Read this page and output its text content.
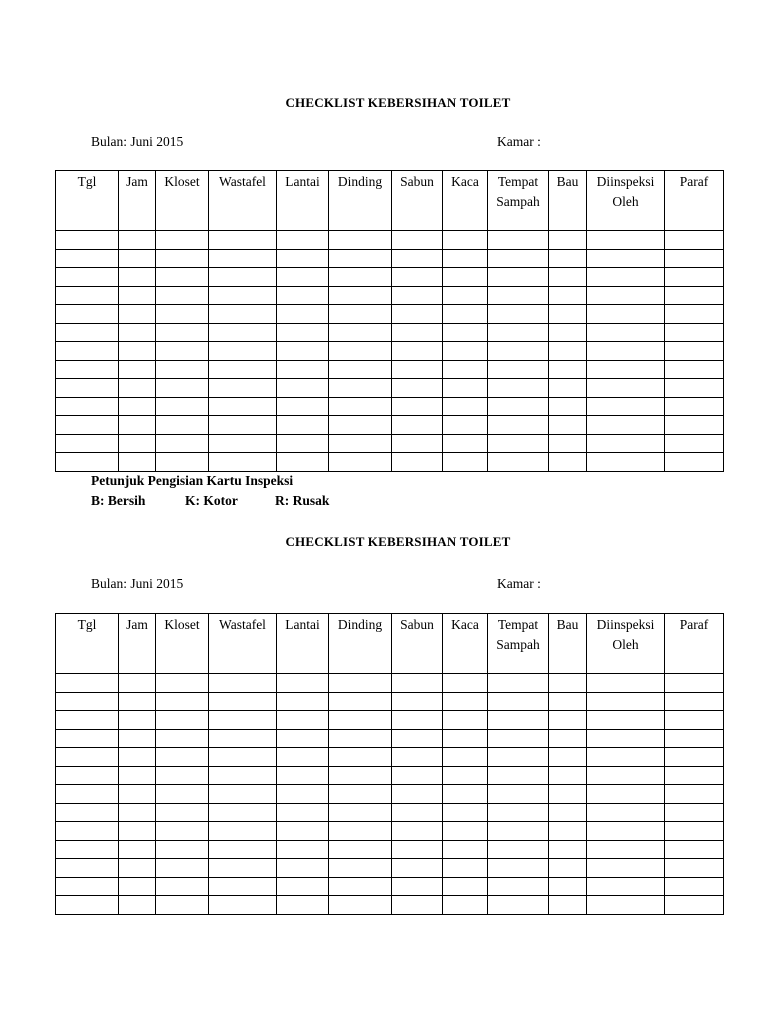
CHECKLIST KEBERSIHAN TOILET
Bulan: Juni 2015	Kamar :
Tgl	Jam	Kloset	Wastafel	Lantai	Dinding	Sabun	Kaca	Tempat Sampah	Bau	Diinspeksi Oleh	Paraf

Petunjuk Pengisian Kartu Inspeksi
B: Bersih	K: Kotor	R: Rusak
CHECKLIST KEBERSIHAN TOILET
Bulan: Juni 2015	Kamar :
Tgl	Jam	Kloset	Wastafel	Lantai	Dinding	Sabun	Kaca	Tempat Sampah	Bau	Diinspeksi Oleh	Paraf
